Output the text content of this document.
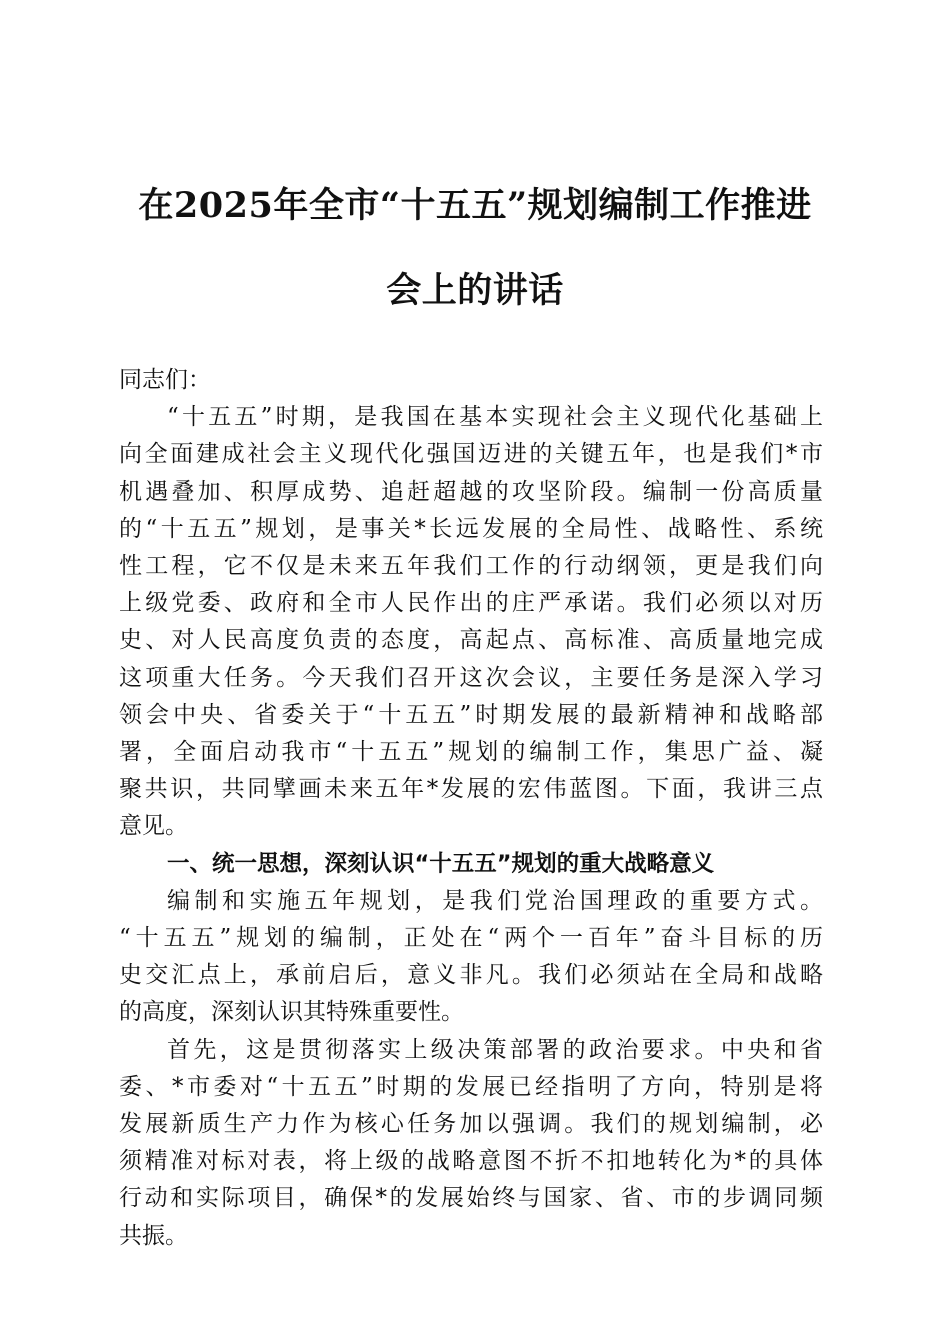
在2025年全市“十五五”规划编制工作推进
会上的讲话

同志们：

“十五五”时期，是我国在基本实现社会主义现代化基础上
向全面建成社会主义现代化强国迈进的关键五年，也是我们*市
机遇叠加、积厚成势、追赶超越的攻坚阶段。编制一份高质量
的“十五五”规划，是事关*长远发展的全局性、战略性、系统
性工程，它不仅是未来五年我们工作的行动纲领，更是我们向
上级党委、政府和全市人民作出的庄严承诺。我们必须以对历
史、对人民高度负责的态度，高起点、高标准、高质量地完成
这项重大任务。今天我们召开这次会议，主要任务是深入学习
领会中央、省委关于“十五五”时期发展的最新精神和战略部
署，全面启动我市“十五五”规划的编制工作，集思广益、凝
聚共识，共同擘画未来五年*发展的宏伟蓝图。下面，我讲三点
意见。

一、统一思想，深刻认识“十五五”规划的重大战略意义

编制和实施五年规划，是我们党治国理政的重要方式。
“十五五”规划的编制，正处在“两个一百年”奋斗目标的历
史交汇点上，承前启后，意义非凡。我们必须站在全局和战略
的高度，深刻认识其特殊重要性。

首先，这是贯彻落实上级决策部署的政治要求。中央和省
委、*市委对“十五五”时期的发展已经指明了方向，特别是将
发展新质生产力作为核心任务加以强调。我们的规划编制，必
须精准对标对表，将上级的战略意图不折不扣地转化为*的具体
行动和实际项目，确保*的发展始终与国家、省、市的步调同频
共振。
